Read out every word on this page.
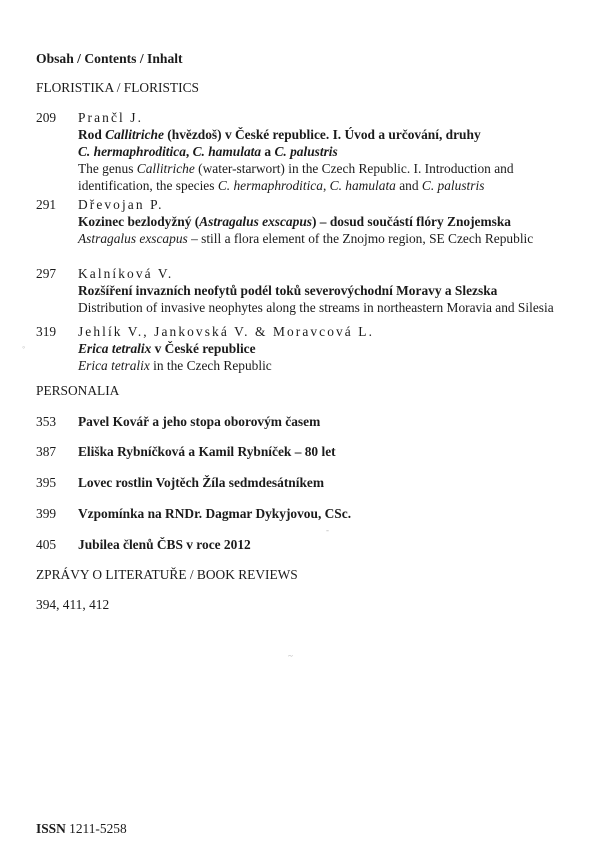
Obsah / Contents / Inhalt
FLORISTIKA / FLORISTICS
209	Prančl J.
Rod Callitriche (hvězdoš) v České republice. I. Úvod a určování, druhy
C. hermaphroditica, C. hamulata a C. palustris
The genus Callitriche (water-starwort) in the Czech Republic. I. Introduction and
identification, the species C. hermaphroditica, C. hamulata and C. palustris
291	Dřevojan P.
Kozinec bezlodyžný (Astragalus exscapus) – dosud součástí flóry Znojemska
Astragalus exscapus – still a flora element of the Znojmo region, SE Czech Republic
297	Kalníková V.
Rozšíření invazních neofytů podél toků severovýchodní Moravy a Slezska
Distribution of invasive neophytes along the streams in northeastern Moravia and Silesia
319	Jehlík V., Jankovská V. & Moravcová L.
Erica tetralix v České republice
Erica tetralix in the Czech Republic
PERSONALIA
353 Pavel Kovář a jeho stopa oborovým časem
387 Eliška Rybníčková a Kamil Rybníček – 80 let
395 Lovec rostlin Vojtěch Žíla sedmdesátníkem
399 Vzpomínka na RNDr. Dagmar Dykyjovou, CSc.
405 Jubilea členů ČBS v roce 2012
ZPRÁVY O LITERATUŘE / BOOK REVIEWS
394, 411, 412
ISSN 1211-5258
◦
-
~
